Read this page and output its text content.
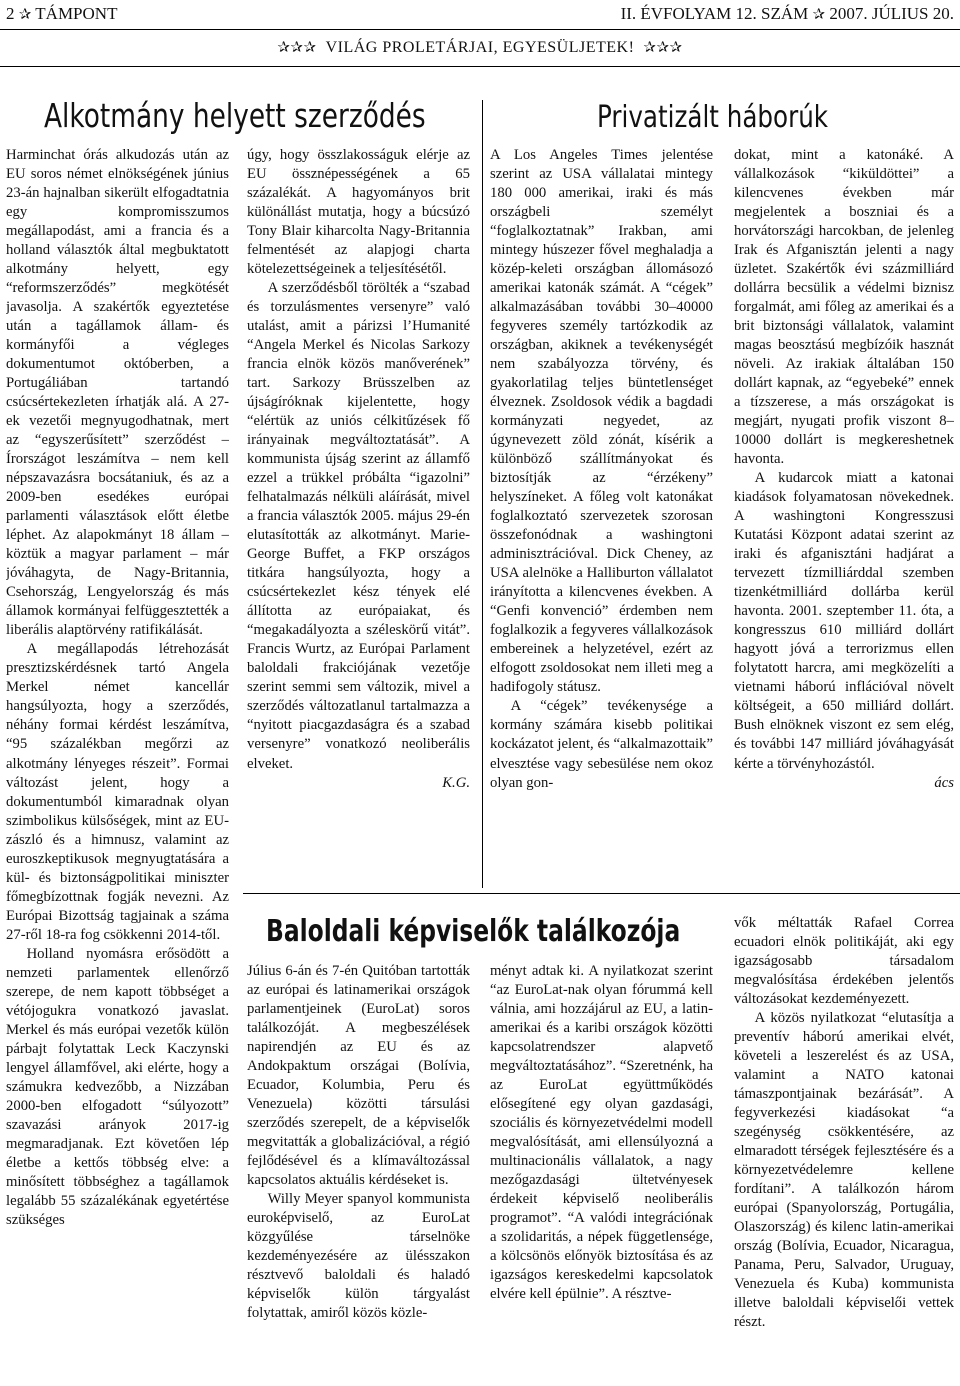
2 ✰ TÁMPONT	II. ÉVFOLYAM 12. SZÁM ✰ 2007. JÚLIUS 20.
✰✰✰ VILÁG PROLETÁRJAI, EGYESÜLJETEK! ✰✰✰
Alkotmány helyett szerződés

Harminchat órás alkudozás után az EU soros német elnökségének június 23-án hajnalban sikerült elfogadtatnia egy kompromisszumos megállapodást, ami a francia és a holland választók által megbuktatott alkotmány helyett, egy “reformszerződés” megkötését javasolja. A szakértők egyeztetése után a tagállamok állam- és kormányfői a végleges dokumentumot októberben, a Portugáliában tartandó csúcsértekezleten írhatják alá. A 27-ek vezetői megnyugodhatnak, mert az “egyszerűsített” szerződést – Írországot leszámítva – nem kell népszavazásra bocsátaniuk, és az a 2009-ben esedékes európai parlamenti választások előtt életbe léphet. Az alapokmányt 18 állam – köztük a magyar parlament – már jóváhagyta, de Nagy-Britannia, Csehország, Lengyelország és más államok kormányai felfüggesztették a liberális alaptörvény ratifikálását.

A megállapodás létrehozását presztizskérdésnek tartó Angela Merkel német kancellár hangsúlyozta, hogy a szerződés, néhány formai kérdést leszámítva, “95 százalékban megőrzi az alkotmány lényeges részeit”. Formai változást jelent, hogy a dokumentumból kimaradnak olyan szimbolikus külsőségek, mint az EU-zászló és a himnusz, valamint az euroszkeptikusok megnyugtatására a kül- és biztonságpolitikai miniszter főmegbízottnak fogják nevezni. Az Európai Bizottság tagjainak a száma 27-ről 18-ra fog csökkenni 2014-től.

Holland nyomásra erősödött a nemzeti parlamentek ellenőrző szerepe, de nem kapott többséget a vétójogukra vonatkozó javaslat. Merkel és más európai vezetők külön párbajt folytattak Leck Kaczynski lengyel államfővel, aki elérte, hogy a számukra kedvezőbb, a Nizzában 2000-ben elfogadott “súlyozott” szavazási arányok 2017-ig megmaradjanak. Ezt követően lép életbe a kettős többség elve: a minősített többséghez a tagállamok legalább 55 százalékának egyetértése szükséges

úgy, hogy összlakosságuk elérje az EU össznépességének a 65 százalékát. A hagyományos brit különállást mutatja, hogy a búcsúzó Tony Blair kiharcolta Nagy-Britannia felmentését az alapjogi charta kötelezettségeinek a teljesítésétől.

A szerződésből törölték a “szabad és torzulásmentes versenyre” való utalást, amit a párizsi l’Humanité “Angela Merkel és Nicolas Sarkozy francia elnök közös manőverének” tart. Sarkozy Brüsszelben az újságíróknak kijelentette, hogy “elértük az uniós célkitűzések fő irányainak megváltoztatását”. A kommunista újság szerint az államfő ezzel a trükkel próbálta “igazolni” felhatalmazás nélküli aláírását, mivel a francia választók 2005. május 29-én elutasították az alkotmányt. Marie-George Buffet, a FKP országos titkára hangsúlyozta, hogy a csúcsértekezlet kész tények elé állította az európaiakat, és “megakadályozta a széleskörű vitát”. Francis Wurtz, az Európai Parlament baloldali frakciójának vezetője szerint semmi sem változik, mivel a szerződés változatlanul tartalmazza a “nyitott piacgazdaságra és a szabad versenyre” vonatkozó neoliberális elveket.

K.G.

Privatizált háborúk

A Los Angeles Times jelentése szerint az USA vállalatai mintegy 180 000 amerikai, iraki és más országbeli személyt “foglalkoztatnak” Irakban, ami mintegy húszezer fővel meghaladja a közép-keleti országban állomásozó amerikai katonák számát. A “cégek” alkalmazásában további 30–40000 fegyveres személy tartózkodik az országban, akiknek a tevékenységét nem szabályozza törvény, és gyakorlatilag teljes büntetlenséget élveznek. Zsoldosok védik a bagdadi kormányzati negyedet, az úgynevezett zöld zónát, kísérik a különböző szállítmányokat és biztosítják az “érzékeny” helyszíneket. A főleg volt katonákat foglalkoztató szervezetek szorosan összefonódnak a washingtoni adminisztrációval. Dick Cheney, az USA alelnöke a Halliburton vállalatot irányította a kilencvenes években. A “Genfi konvenció” érdemben nem foglalkozik a fegyveres vállalkozások embereinek a helyzetével, ezért az elfogott zsoldosokat nem illeti meg a hadifogoly státusz.

A “cégek” tevékenysége a kormány számára kisebb politikai kockázatot jelent, és “alkalmazottaik” elvesztése vagy sebesülése nem okoz olyan gon-

dokat, mint a katonáké. A vállalkozások “kiküldöttei” a kilencvenes években már megjelentek a boszniai és a horvátországi harcokban, de jelenleg Irak és Afganisztán jelenti a nagy üzletet. Szakértők évi százmilliárd dollárra becsülik a védelmi biznisz forgalmát, ami főleg az amerikai és a brit biztonsági vállalatok, valamint magas beosztású megbízóik hasznát növeli. Az irakiak általában 150 dollárt kapnak, az “egyebeké” ennek a tízszerese, a más országokat is megjárt, nyugati profik viszont 8–10000 dollárt is megkereshetnek havonta.

A kudarcok miatt a katonai kiadások folyamatosan növekednek. A washingtoni Kongresszusi Kutatási Központ adatai szerint az iraki és afganisztáni hadjárat a tervezett tízmilliárddal szemben tizenkétmilliárd dollárba kerül havonta. 2001. szeptember 11. óta, a kongresszus 610 milliárd dollárt hagyott jóvá a terrorizmus ellen folytatott harcra, ami megközelíti a vietnami háború inflációval növelt költségeit, a 650 milliárd dollárt. Bush elnöknek viszont ez sem elég, és további 147 milliárd jóváhagyását kérte a törvényhozástól.

ács

Baloldali képviselők találkozója

Július 6-án és 7-én Quitóban tartották az európai és latinamerikai országok parlamentjeinek (EuroLat) soros találkozóját. A megbeszélések napirendjén az EU és az Andokpaktum országai (Bolívia, Ecuador, Kolumbia, Peru és Venezuela) közötti társulási szerződés szerepelt, de a képviselők megvitatták a globalizációval, a régió fejlődésével és a klímaváltozással kapcsolatos aktuális kérdéseket is.

Willy Meyer spanyol kommunista euroképviselő, az EuroLat közgyűlése társelnöke kezdeményezésére az ülésszakon résztvevő baloldali és haladó képviselők külön tárgyalást folytattak, amiről közös közle-

ményt adtak ki. A nyilatkozat szerint “az EuroLat-nak olyan fórummá kell válnia, ami hozzájárul az EU, a latin-amerikai és a karibi országok közötti kapcsolatrendszer alapvető megváltoztatásához”. “Szeretnénk, ha az EuroLat együttműködés elősegítené egy olyan gazdasági, szociális és környezetvédelmi modell megvalósítását, ami ellensúlyozná a multinacionális vállalatok, a nagy mezőgazdasági ültetvényesek érdekeit képviselő neoliberális programot”. “A valódi integrációnak a szolidaritás, a népek függetlensége, a kölcsönös előnyök biztosítása és az igazságos kereskedelmi kapcsolatok elvére kell épülnie”. A résztve-

vők méltatták Rafael Correa ecuadori elnök politikáját, aki egy igazságosabb társadalom megvalósítása érdekében jelentős változásokat kezdeményezett.

A közös nyilatkozat “elutasítja a preventív háború amerikai elvét, követeli a leszerelést és az USA, valamint a NATO katonai támaszpontjainak bezárását”. A fegyverkezési kiadásokat “a szegénység csökkentésére, az elmaradott térségek fejlesztésére és a környezetvédelemre kellene fordítani”. A találkozón három európai (Spanyolország, Portugália, Olaszország) és kilenc latin-amerikai ország (Bolívia, Ecuador, Nicaragua, Panama, Peru, Salvador, Uruguay, Venezuela és Kuba) kommunista illetve baloldali képviselői vettek részt.
